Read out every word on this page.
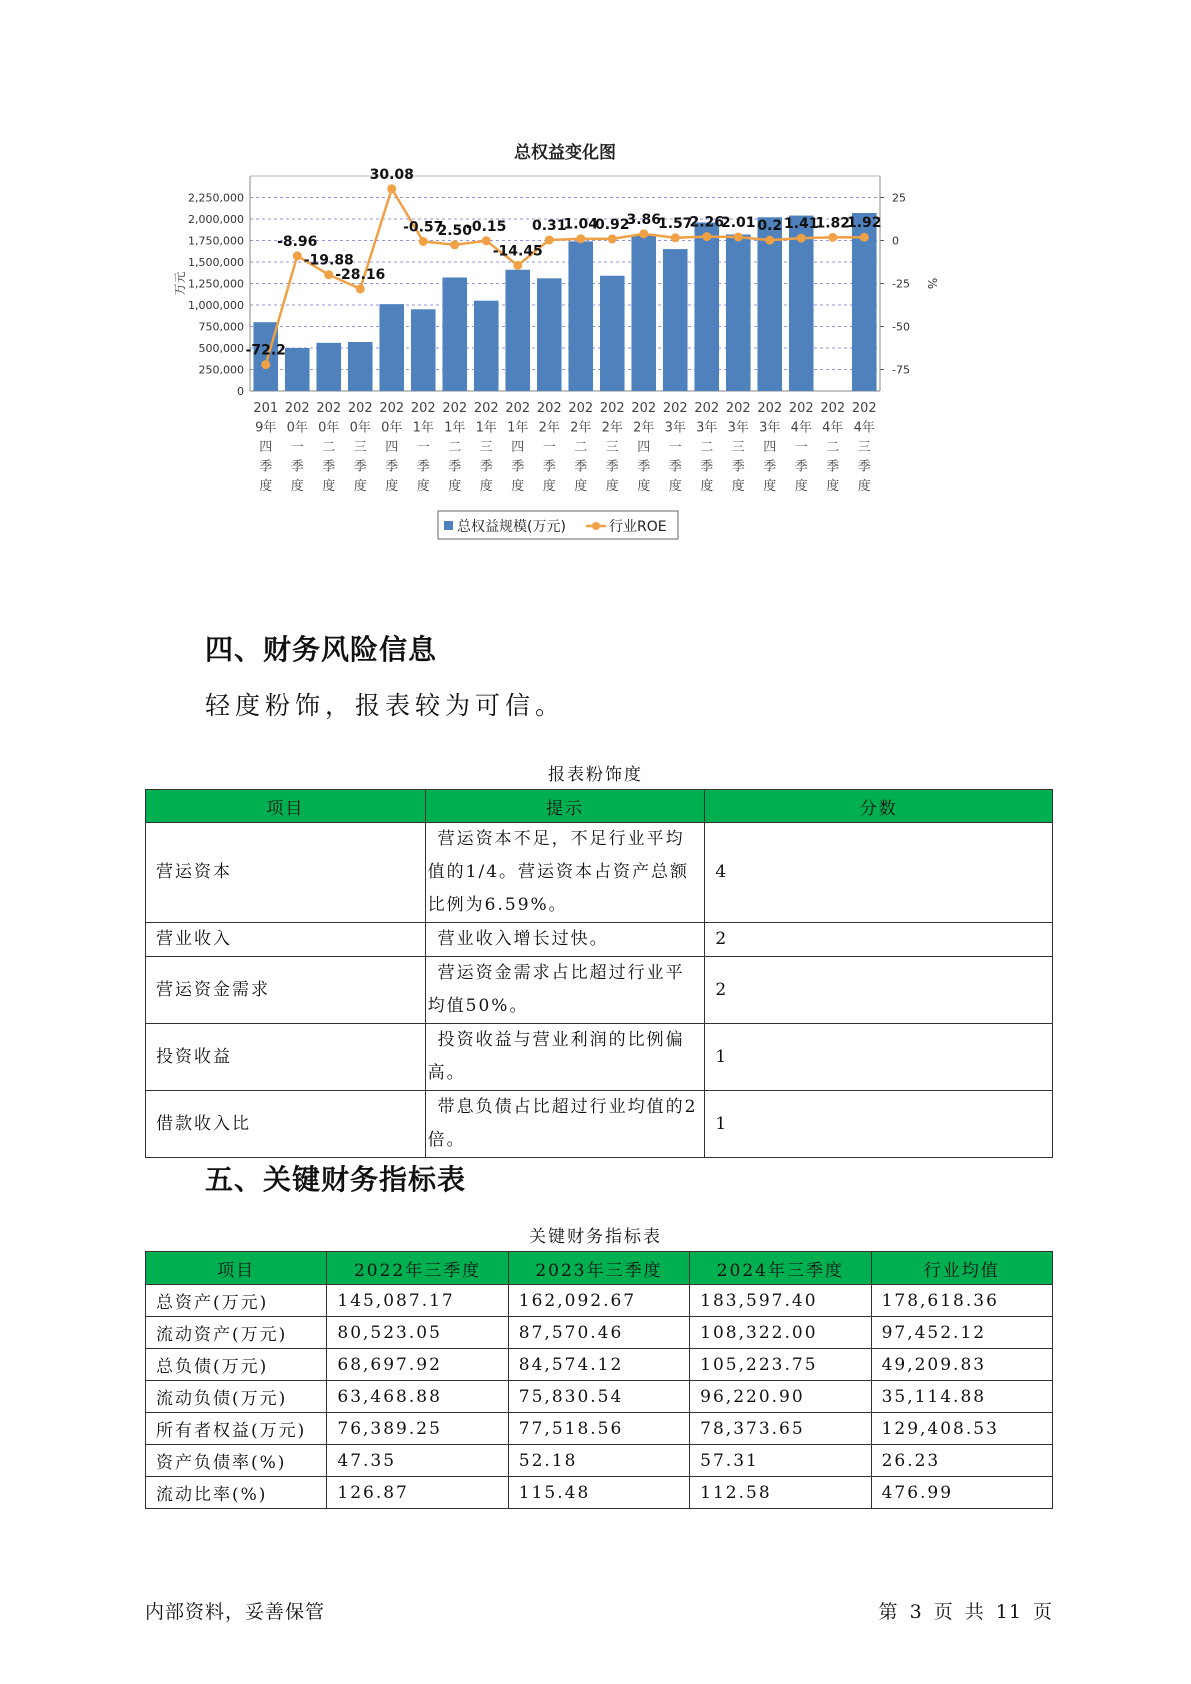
总权益变化图
0
250,000
500,000
750,000
1,000,000
1,250,000
1,500,000
1,750,000
2,000,000
2,250,000
-75
-50
-25
0
25
万元	%
-72.2
-8.96
-19.88
-28.16
30.08
-0.57
2.50
-0.15
-14.45
0.31
1.04
0.92
3.86
1.57
2.26
2.01 0.2 1.41
1.82
1.92
201
9年
四
季
度
202
0年
一
季
度
202
0年
二
季
度
202
0年
三
季
度
202
0年
四
季
度
202
1年
一
季
度
202
1年
二
季
度
202
1年
三
季
度
202
1年
四
季
度
202
2年
一
季
度
202
2年
二
季
度
202
2年
三
季
度
202
2年
四
季
度
202
3年
一
季
度
202
3年
二
季
度
202
3年
三
季
度
202
3年
四
季
度
202
4年
一
季
度
202
4年
二
季
度
202
4年
三
季
度
总权益规模(万元)	行业ROE
四、财务风险信息
轻度粉饰，报表较为可信。
报表粉饰度
项目	提示	分数
营运资本	营运资本不足，不足行业平均值的1/4。营运资本占资产总额比例为6.59%。	4
营业收入	营业收入增长过快。	2
营运资金需求	营运资金需求占比超过行业平均值50%。	2
投资收益	投资收益与营业利润的比例偏高。	1
借款收入比	带息负债占比超过行业均值的2倍。	1
五、关键财务指标表
关键财务指标表
项目	2022年三季度	2023年三季度	2024年三季度	行业均值
总资产(万元)	145,087.17	162,092.67	183,597.40	178,618.36
流动资产(万元)	80,523.05	87,570.46	108,322.00	97,452.12
总负债(万元)	68,697.92	84,574.12	105,223.75	49,209.83
流动负债(万元)	63,468.88	75,830.54	96,220.90	35,114.88
所有者权益(万元)	76,389.25	77,518.56	78,373.65	129,408.53
资产负债率(%)	47.35	52.18	57.31	26.23
流动比率(%)	126.87	115.48	112.58	476.99
内部资料，妥善保管	第 3 页 共 11 页
